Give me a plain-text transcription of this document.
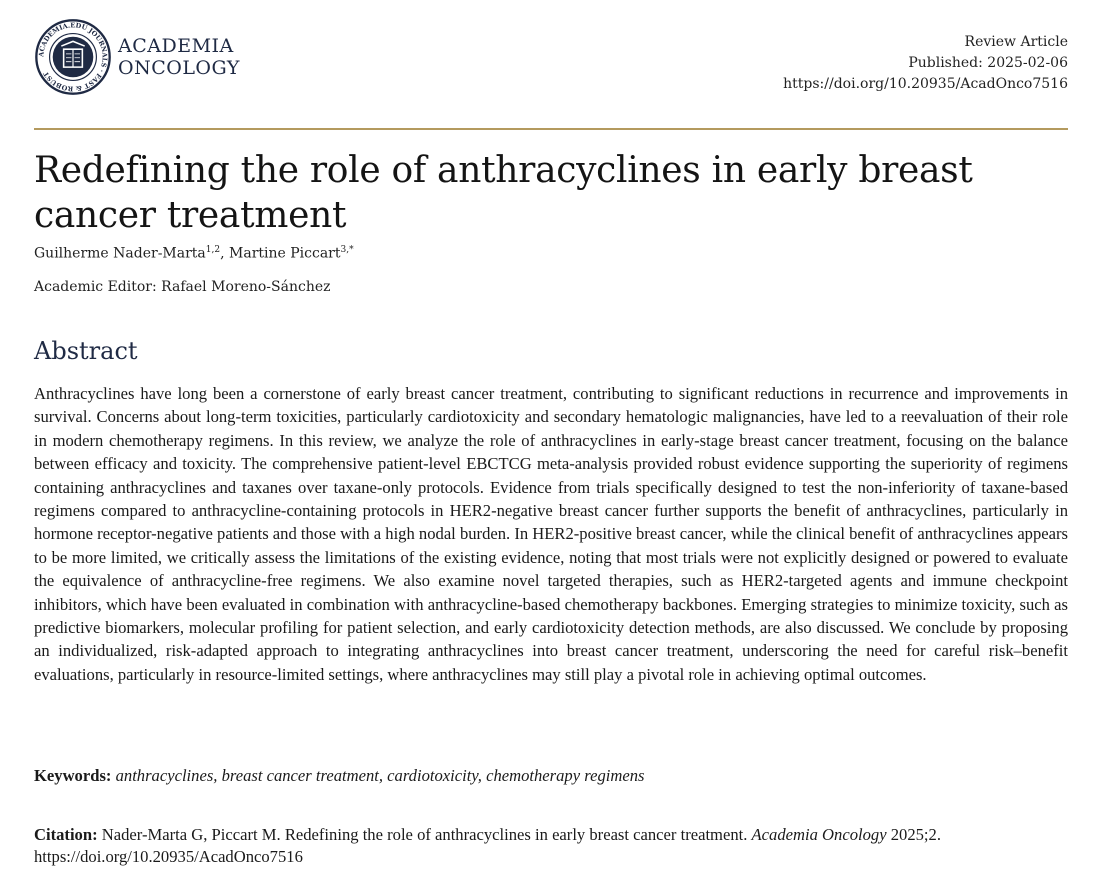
ACADEMIA.EDU JOURNALS · FAST & ROBUST
ACADEMIA
ONCOLOGY
Review Article
Published: 2025-02-06
https://doi.org/10.20935/AcadOnco7516
Redefining the role of anthracyclines in early breast cancer treatment
Guilherme Nader-Marta$^{1,2}$, Martine Piccart$^{3,*}$
Academic Editor: Rafael Moreno-Sánchez
Abstract

Anthracyclines have long been a cornerstone of early breast cancer treatment, contributing to significant reductions in recurrence and improvements in survival. Concerns about long-term toxicities, particularly cardiotoxicity and secondary hematologic malignancies, have led to a reevaluation of their role in modern chemotherapy regimens. In this review, we analyze the role of anthracyclines in early-stage breast cancer treatment, focusing on the balance between efficacy and toxicity. The comprehensive patient-level EBCTCG meta-analysis provided robust evidence supporting the superiority of regimens containing anthracyclines and taxanes over taxane-only protocols. Evidence from trials specifically designed to test the non-inferiority of taxane-based regimens compared to anthracycline-containing protocols in HER2-negative breast cancer further supports the benefit of anthracyclines, particularly in hormone receptor-negative patients and those with a high nodal burden. In HER2-positive breast cancer, while the clinical benefit of anthracyclines appears to be more limited, we critically assess the limitations of the existing evidence, noting that most trials were not explicitly designed or powered to evaluate the equivalence of anthracycline-free regimens. We also examine novel targeted therapies, such as HER2-targeted agents and immune checkpoint inhibitors, which have been evaluated in combination with anthracycline-based chemotherapy backbones. Emerging strategies to minimize toxicity, such as predictive biomarkers, molecular profiling for patient selection, and early cardiotoxicity detection methods, are also discussed. We conclude by proposing an individualized, risk-adapted approach to integrating anthracyclines into breast cancer treatment, underscoring the need for careful risk–benefit evaluations, particularly in resource-limited settings, where anthracyclines may still play a pivotal role in achieving optimal outcomes.

Keywords: anthracyclines, breast cancer treatment, cardiotoxicity, chemotherapy regimens
Citation: Nader-Marta G, Piccart M. Redefining the role of anthracyclines in early breast cancer treatment. Academia Oncology 2025;2.
https://doi.org/10.20935/AcadOnco7516
